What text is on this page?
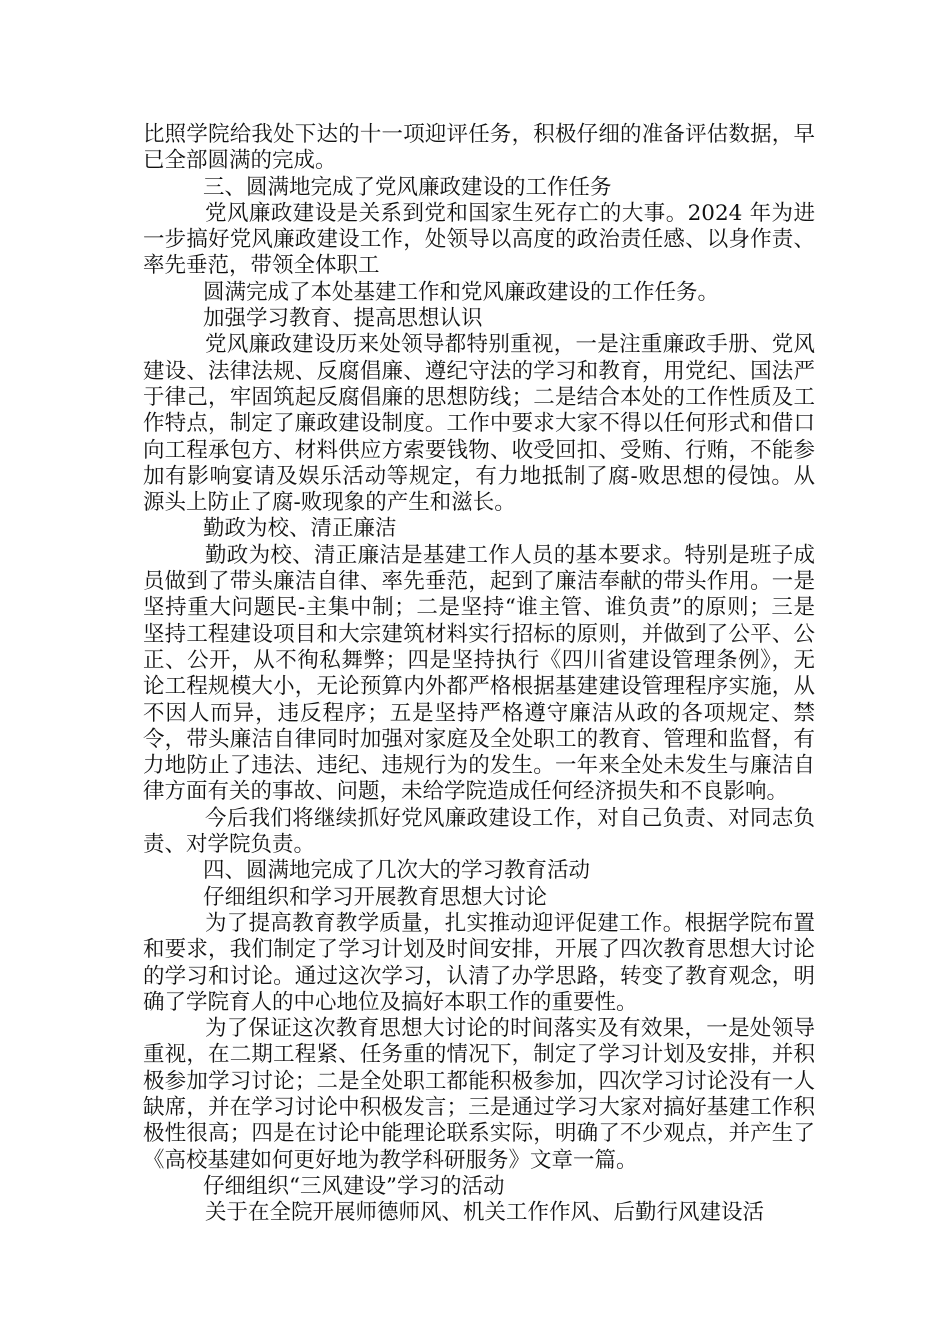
比照学院给我处下达的十一项迎评任务，积极仔细的准备评估数据，早已全部圆满的完成。

三、圆满地完成了党风廉政建设的工作任务

党风廉政建设是关系到党和国家生死存亡的大事。2024 年为进一步搞好党风廉政建设工作，处领导以高度的政治责任感、以身作责、率先垂范，带领全体职工

圆满完成了本处基建工作和党风廉政建设的工作任务。

加强学习教育、提高思想认识

党风廉政建设历来处领导都特别重视，一是注重廉政手册、党风建设、法律法规、反腐倡廉、遵纪守法的学习和教育，用党纪、国法严于律己，牢固筑起反腐倡廉的思想防线；二是结合本处的工作性质及工作特点，制定了廉政建设制度。工作中要求大家不得以任何形式和借口向工程承包方、材料供应方索要钱物、收受回扣、受贿、行贿，不能参加有影响宴请及娱乐活动等规定，有力地抵制了腐-败思想的侵蚀。从源头上防止了腐-败现象的产生和滋长。

勤政为校、清正廉洁

勤政为校、清正廉洁是基建工作人员的基本要求。特别是班子成员做到了带头廉洁自律、率先垂范，起到了廉洁奉献的带头作用。一是坚持重大问题民-主集中制；二是坚持“谁主管、谁负责”的原则；三是坚持工程建设项目和大宗建筑材料实行招标的原则，并做到了公平、公正、公开，从不徇私舞弊；四是坚持执行《四川省建设管理条例》，无论工程规模大小，无论预算内外都严格根据基建建设管理程序实施，从不因人而异，违反程序；五是坚持严格遵守廉洁从政的各项规定、禁令，带头廉洁自律同时加强对家庭及全处职工的教育、管理和监督，有力地防止了违法、违纪、违规行为的发生。一年来全处未发生与廉洁自律方面有关的事故、问题，未给学院造成任何经济损失和不良影响。

今后我们将继续抓好党风廉政建设工作，对自己负责、对同志负责、对学院负责。

四、圆满地完成了几次大的学习教育活动

仔细组织和学习开展教育思想大讨论

为了提高教育教学质量，扎实推动迎评促建工作。根据学院布置和要求，我们制定了学习计划及时间安排，开展了四次教育思想大讨论的学习和讨论。通过这次学习，认清了办学思路，转变了教育观念，明确了学院育人的中心地位及搞好本职工作的重要性。

为了保证这次教育思想大讨论的时间落实及有效果，一是处领导重视，在二期工程紧、任务重的情况下，制定了学习计划及安排，并积极参加学习讨论；二是全处职工都能积极参加，四次学习讨论没有一人缺席，并在学习讨论中积极发言；三是通过学习大家对搞好基建工作积极性很高；四是在讨论中能理论联系实际，明确了不少观点，并产生了《高校基建如何更好地为教学科研服务》文章一篇。

仔细组织“三风建设”学习的活动

关于在全院开展师德师风、机关工作作风、后勤行风建设活
